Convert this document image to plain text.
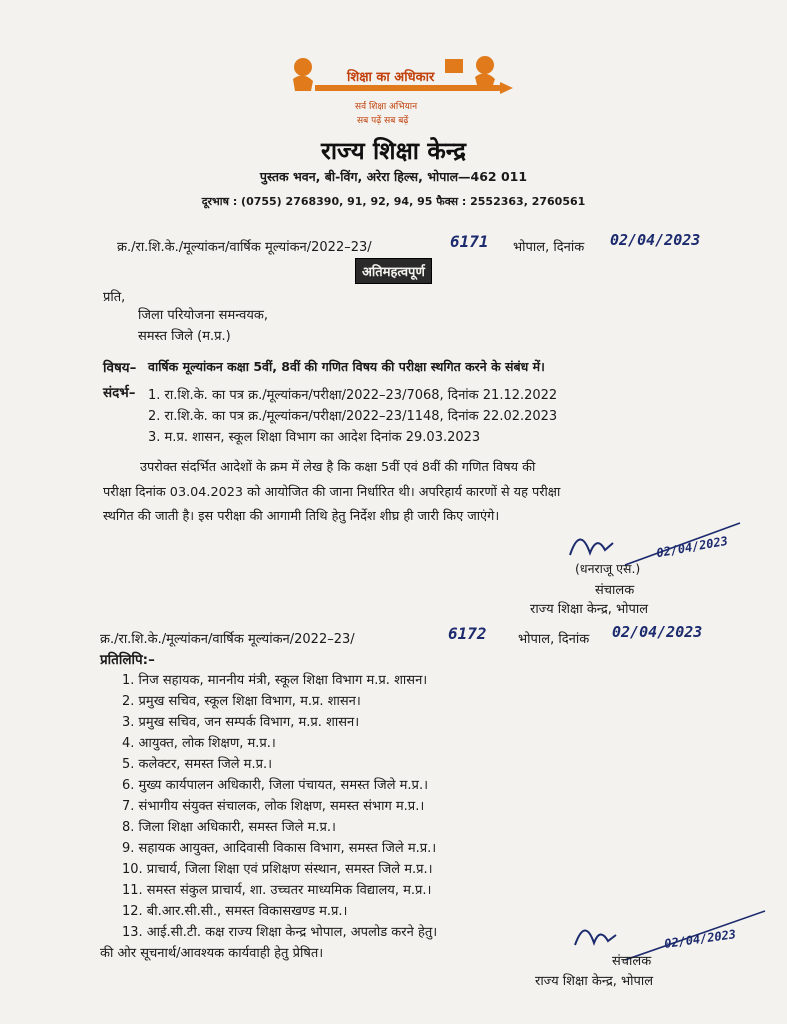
शिक्षा का अधिकार
सर्व शिक्षा अभियान
सब पढ़ें सब बढ़ें
राज्य शिक्षा केन्द्र
पुस्तक भवन, बी-विंग, अरेरा हिल्स, भोपाल—462 011
दूरभाष : (0755) 2768390, 91, 92, 94, 95 फैक्स : 2552363, 2760561
क्र./रा.शि.के./मूल्यांकन/वार्षिक मूल्यांकन/2022–23/	6171 भोपाल, दिनांक 02/04/2023
अतिमहत्वपूर्ण
प्रति,
जिला परियोजना समन्वयक,
समस्त जिले (म.प्र.)
विषय– वार्षिक मूल्यांकन कक्षा 5वीं, 8वीं की गणित विषय की परीक्षा स्थगित करने के संबंध में।
संदर्भ– 1. रा.शि.के. का पत्र क्र./मूल्यांकन/परीक्षा/2022–23/7068, दिनांक 21.12.2022
2. रा.शि.के. का पत्र क्र./मूल्यांकन/परीक्षा/2022–23/1148, दिनांक 22.02.2023
3. म.प्र. शासन, स्कूल शिक्षा विभाग का आदेश दिनांक 29.03.2023
उपरोक्त संदर्भित आदेशों के क्रम में लेख है कि कक्षा 5वीं एवं 8वीं की गणित विषय की
परीक्षा दिनांक 03.04.2023 को आयोजित की जाना निर्धारित थी। अपरिहार्य कारणों से यह परीक्षा
स्थगित की जाती है। इस परीक्षा की आगामी तिथि हेतु निर्देश शीघ्र ही जारी किए जाएंगे।
(धनराजू एस.)
02/04/2023
संचालक
राज्य शिक्षा केन्द्र, भोपाल
क्र./रा.शि.के./मूल्यांकन/वार्षिक मूल्यांकन/2022–23/	6172 भोपाल, दिनांक 02/04/2023
प्रतिलिपि:–
1. निज सहायक, माननीय मंत्री, स्कूल शिक्षा विभाग म.प्र. शासन।
2. प्रमुख सचिव, स्कूल शिक्षा विभाग, म.प्र. शासन।
3. प्रमुख सचिव, जन सम्पर्क विभाग, म.प्र. शासन।
4. आयुक्त, लोक शिक्षण, म.प्र.।
5. कलेक्टर, समस्त जिले म.प्र.।
6. मुख्य कार्यपालन अधिकारी, जिला पंचायत, समस्त जिले म.प्र.।
7. संभागीय संयुक्त संचालक, लोक शिक्षण, समस्त संभाग म.प्र.।
8. जिला शिक्षा अधिकारी, समस्त जिले म.प्र.।
9. सहायक आयुक्त, आदिवासी विकास विभाग, समस्त जिले म.प्र.।
10. प्राचार्य, जिला शिक्षा एवं प्रशिक्षण संस्थान, समस्त जिले म.प्र.।
11. समस्त संकुल प्राचार्य, शा. उच्चतर माध्यमिक विद्यालय, म.प्र.।
12. बी.आर.सी.सी., समस्त विकासखण्ड म.प्र.।
13. आई.सी.टी. कक्ष राज्य शिक्षा केन्द्र भोपाल, अपलोड करने हेतु।
की ओर सूचनार्थ/आवश्यक कार्यवाही हेतु प्रेषित।
02/04/2023
संचालक
राज्य शिक्षा केन्द्र, भोपाल
